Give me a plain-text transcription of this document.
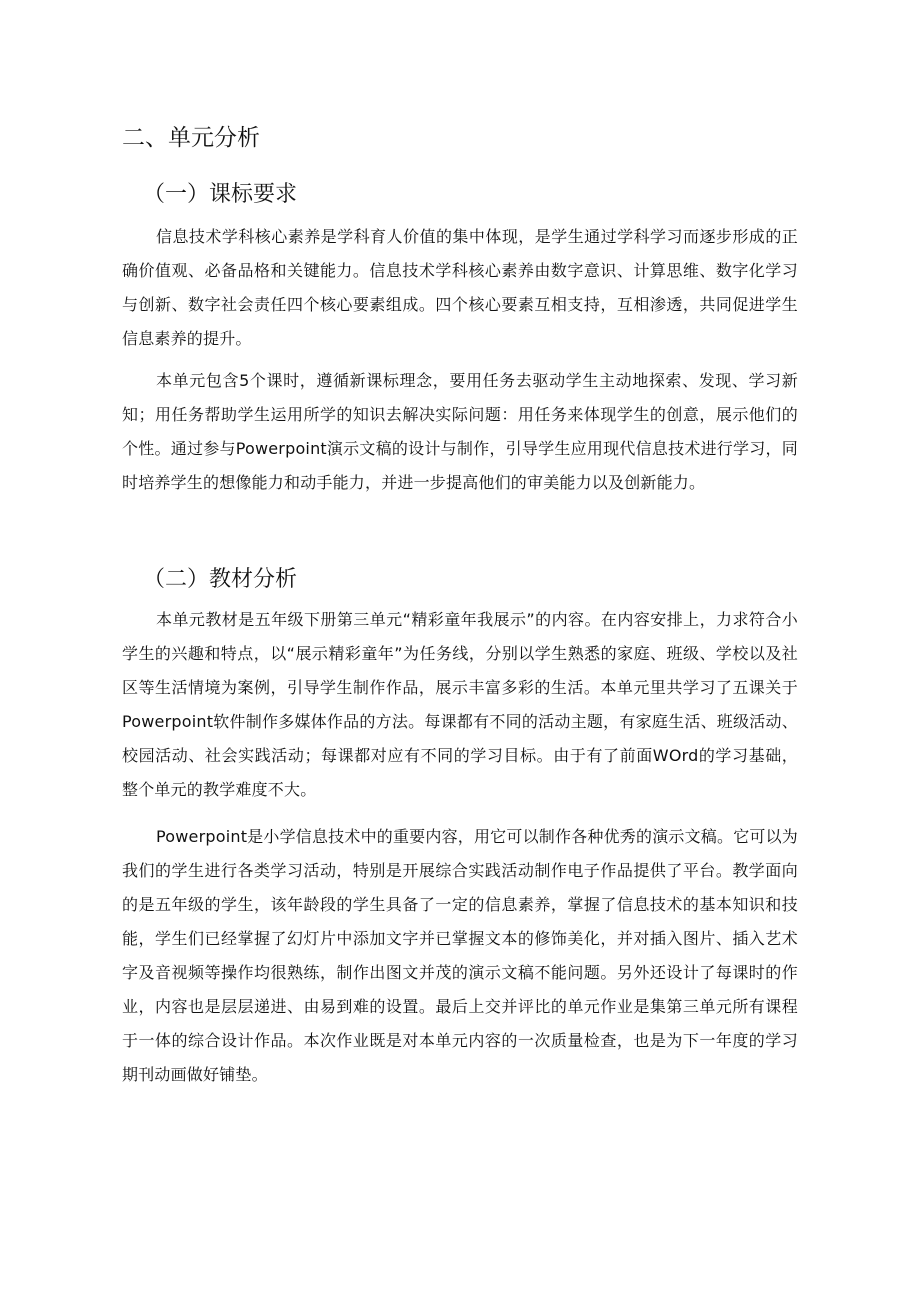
二、单元分析
（一）课标要求

信息技术学科核心素养是学科育人价值的集中体现，是学生通过学科学习而逐步形成的正确价值观、必备品格和关键能力。信息技术学科核心素养由数字意识、计算思维、数字化学习与创新、数字社会责任四个核心要素组成。四个核心要素互相支持，互相渗透，共同促进学生信息素养的提升。

本单元包含5个课时，遵循新课标理念，要用任务去驱动学生主动地探索、发现、学习新知；用任务帮助学生运用所学的知识去解决实际问题：用任务来体现学生的创意，展示他们的个性。通过参与Powerpoint演示文稿的设计与制作，引导学生应用现代信息技术进行学习，同时培养学生的想像能力和动手能力，并进一步提高他们的审美能力以及创新能力。

（二）教材分析

本单元教材是五年级下册第三单元“精彩童年我展示”的内容。在内容安排上，力求符合小学生的兴趣和特点，以“展示精彩童年”为任务线，分别以学生熟悉的家庭、班级、学校以及社区等生活情境为案例，引导学生制作作品，展示丰富多彩的生活。本单元里共学习了五课关于Powerpoint软件制作多媒体作品的方法。每课都有不同的活动主题，有家庭生活、班级活动、校园活动、社会实践活动；每课都对应有不同的学习目标。由于有了前面WOrd的学习基础，整个单元的教学难度不大。

Powerpoint是小学信息技术中的重要内容，用它可以制作各种优秀的演示文稿。它可以为我们的学生进行各类学习活动，特别是开展综合实践活动制作电子作品提供了平台。教学面向的是五年级的学生，该年龄段的学生具备了一定的信息素养，掌握了信息技术的基本知识和技能，学生们已经掌握了幻灯片中添加文字并已掌握文本的修饰美化，并对插入图片、插入艺术字及音视频等操作均很熟练，制作出图文并茂的演示文稿不能问题。另外还设计了每课时的作业，内容也是层层递进、由易到难的设置。最后上交并评比的单元作业是集第三单元所有课程于一体的综合设计作品。本次作业既是对本单元内容的一次质量检查，也是为下一年度的学习期刊动画做好铺垫。
